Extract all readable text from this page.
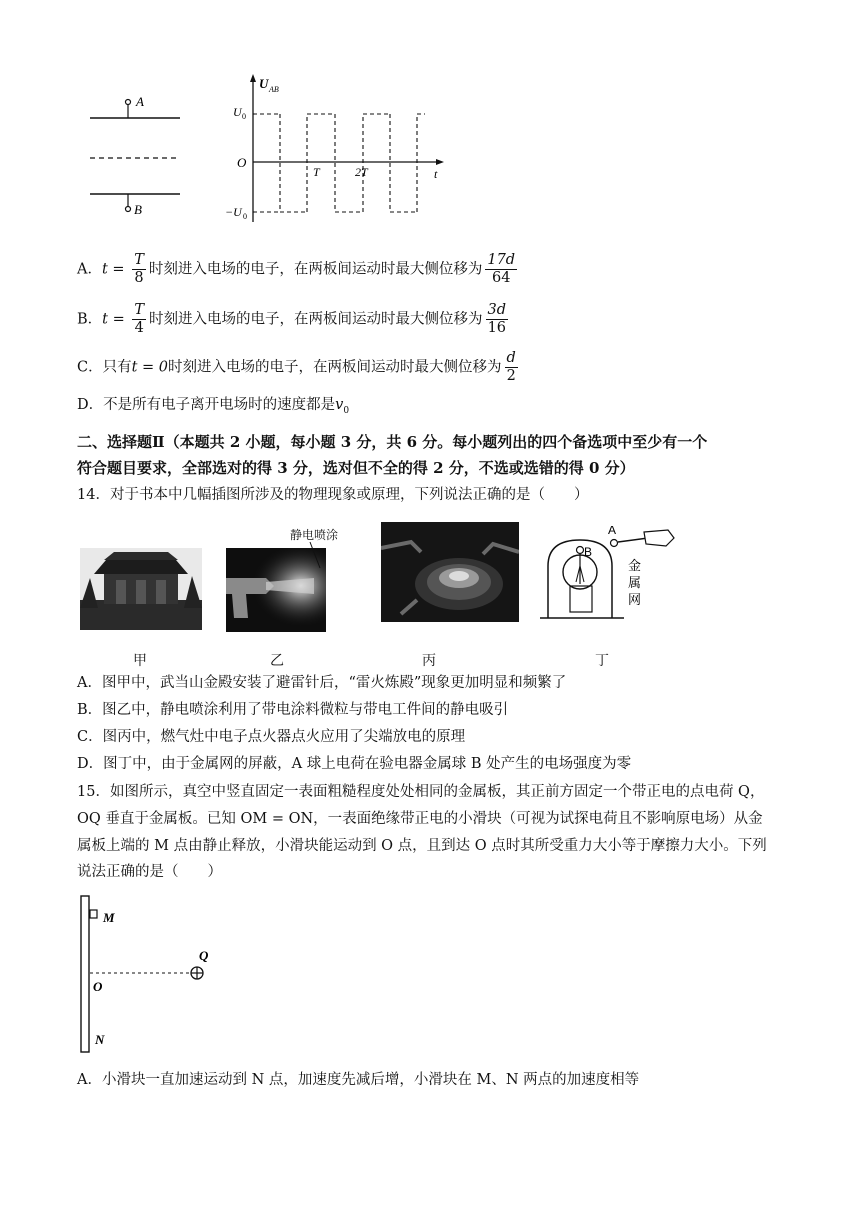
A
B
U AB
U 0
−U 0
O
T	2T	t
A．$t = \frac{T}{8}$ 时刻进入电场的电子，在两板间运动时最大侧位移为 $\frac{17d}{64}$
B．$t = \frac{T}{4}$ 时刻进入电场的电子，在两板间运动时最大侧位移为 $\frac{3d}{16}$
C．只有t = 0时刻进入电场的电子，在两板间运动时最大侧位移为 $\frac{d}{2}$
D．不是所有电子离开电场时的速度都是$v_0$
二、选择题Ⅱ（本题共 2 小题，每小题 3 分，共 6 分。每小题列出的四个备选项中至少有一个
符合题目要求，全部选对的得 3 分，选对但不全的得 2 分，不选或选错的得 0 分）
14．对于书本中几幅插图所涉及的物理现象或原理，下列说法正确的是（　　）
静电喷涂	A
B
金
属
网
甲	乙	丙	丁
A．图甲中，武当山金殿安装了避雷针后，“雷火炼殿”现象更加明显和频繁了
B．图乙中，静电喷涂利用了带电涂料微粒与带电工件间的静电吸引
C．图丙中，燃气灶中电子点火器点火应用了尖端放电的原理
D．图丁中，由于金属网的屏蔽，A 球上电荷在验电器金属球 B 处产生的电场强度为零
15．如图所示，真空中竖直固定一表面粗糙程度处处相同的金属板，其正前方固定一个带正电的点电荷 Q，
OQ 垂直于金属板。已知 OM = ON，一表面绝缘带正电的小滑块（可视为试探电荷且不影响原电场）从金
属板上端的 M 点由静止释放，小滑块能运动到 O 点，且到达 O 点时其所受重力大小等于摩擦力大小。下列
说法正确的是（　　）
M
Q
O
N
A．小滑块一直加速运动到 N 点，加速度先减后增，小滑块在 M、N 两点的加速度相等
